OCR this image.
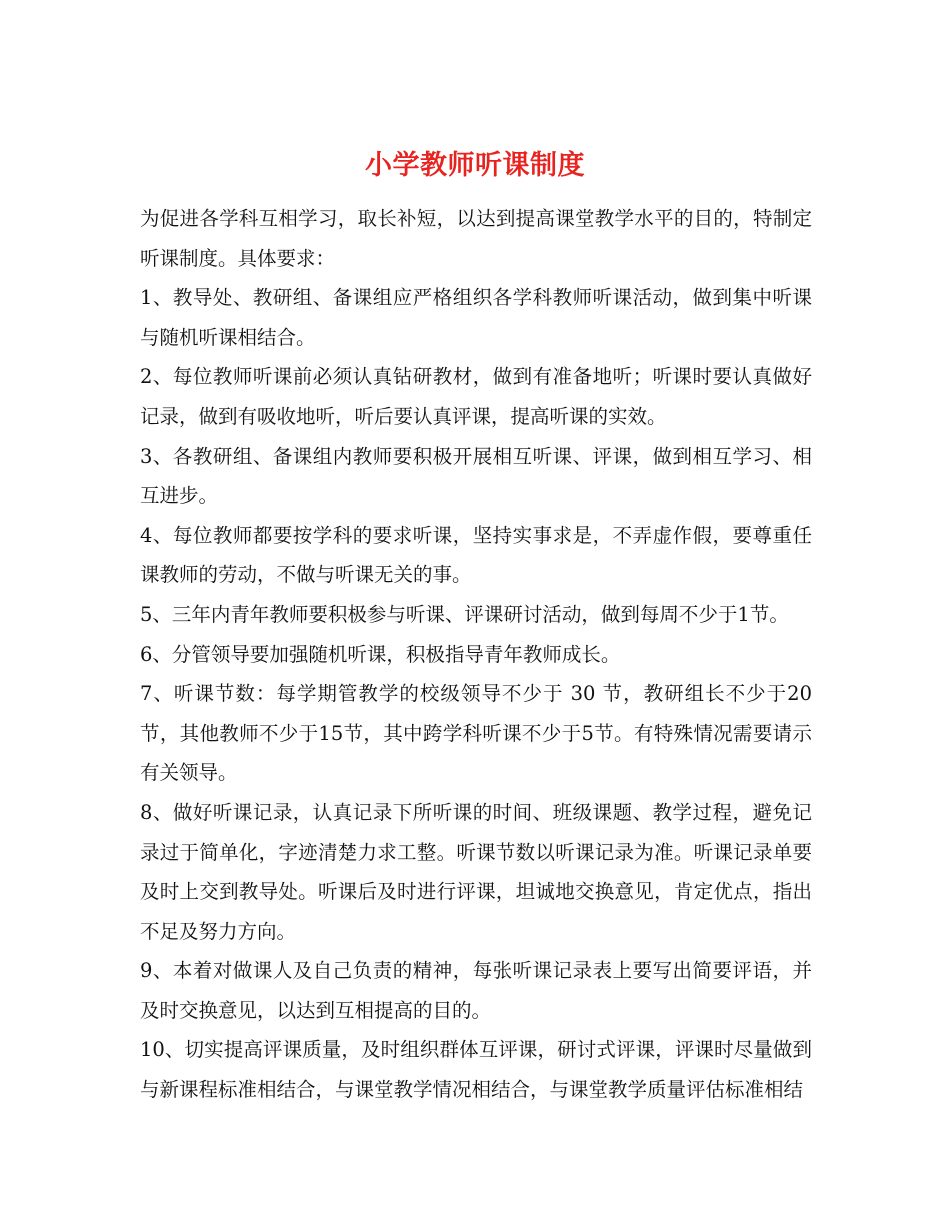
小学教师听课制度

为促进各学科互相学习，取长补短，以达到提高课堂教学水平的目的，特制定听课制度。具体要求：

1、教导处、教研组、备课组应严格组织各学科教师听课活动，做到集中听课与随机听课相结合。

2、每位教师听课前必须认真钻研教材，做到有准备地听；听课时要认真做好记录，做到有吸收地听，听后要认真评课，提高听课的实效。

3、各教研组、备课组内教师要积极开展相互听课、评课，做到相互学习、相互进步。

4、每位教师都要按学科的要求听课，坚持实事求是，不弄虚作假，要尊重任课教师的劳动，不做与听课无关的事。

5、三年内青年教师要积极参与听课、评课研讨活动，做到每周不少于1节。

6、分管领导要加强随机听课，积极指导青年教师成长。

7、听课节数：每学期管教学的校级领导不少于 30 节，教研组长不少于20节，其他教师不少于15节，其中跨学科听课不少于5节。有特殊情况需要请示有关领导。

8、做好听课记录，认真记录下所听课的时间、班级课题、教学过程，避免记录过于简单化，字迹清楚力求工整。听课节数以听课记录为准。听课记录单要及时上交到教导处。听课后及时进行评课，坦诚地交换意见，肯定优点，指出不足及努力方向。

9、本着对做课人及自己负责的精神，每张听课记录表上要写出简要评语，并及时交换意见，以达到互相提高的目的。

10、切实提高评课质量，及时组织群体互评课，研讨式评课，评课时尽量做到与新课程标准相结合，与课堂教学情况相结合，与课堂教学质量评估标准相结
